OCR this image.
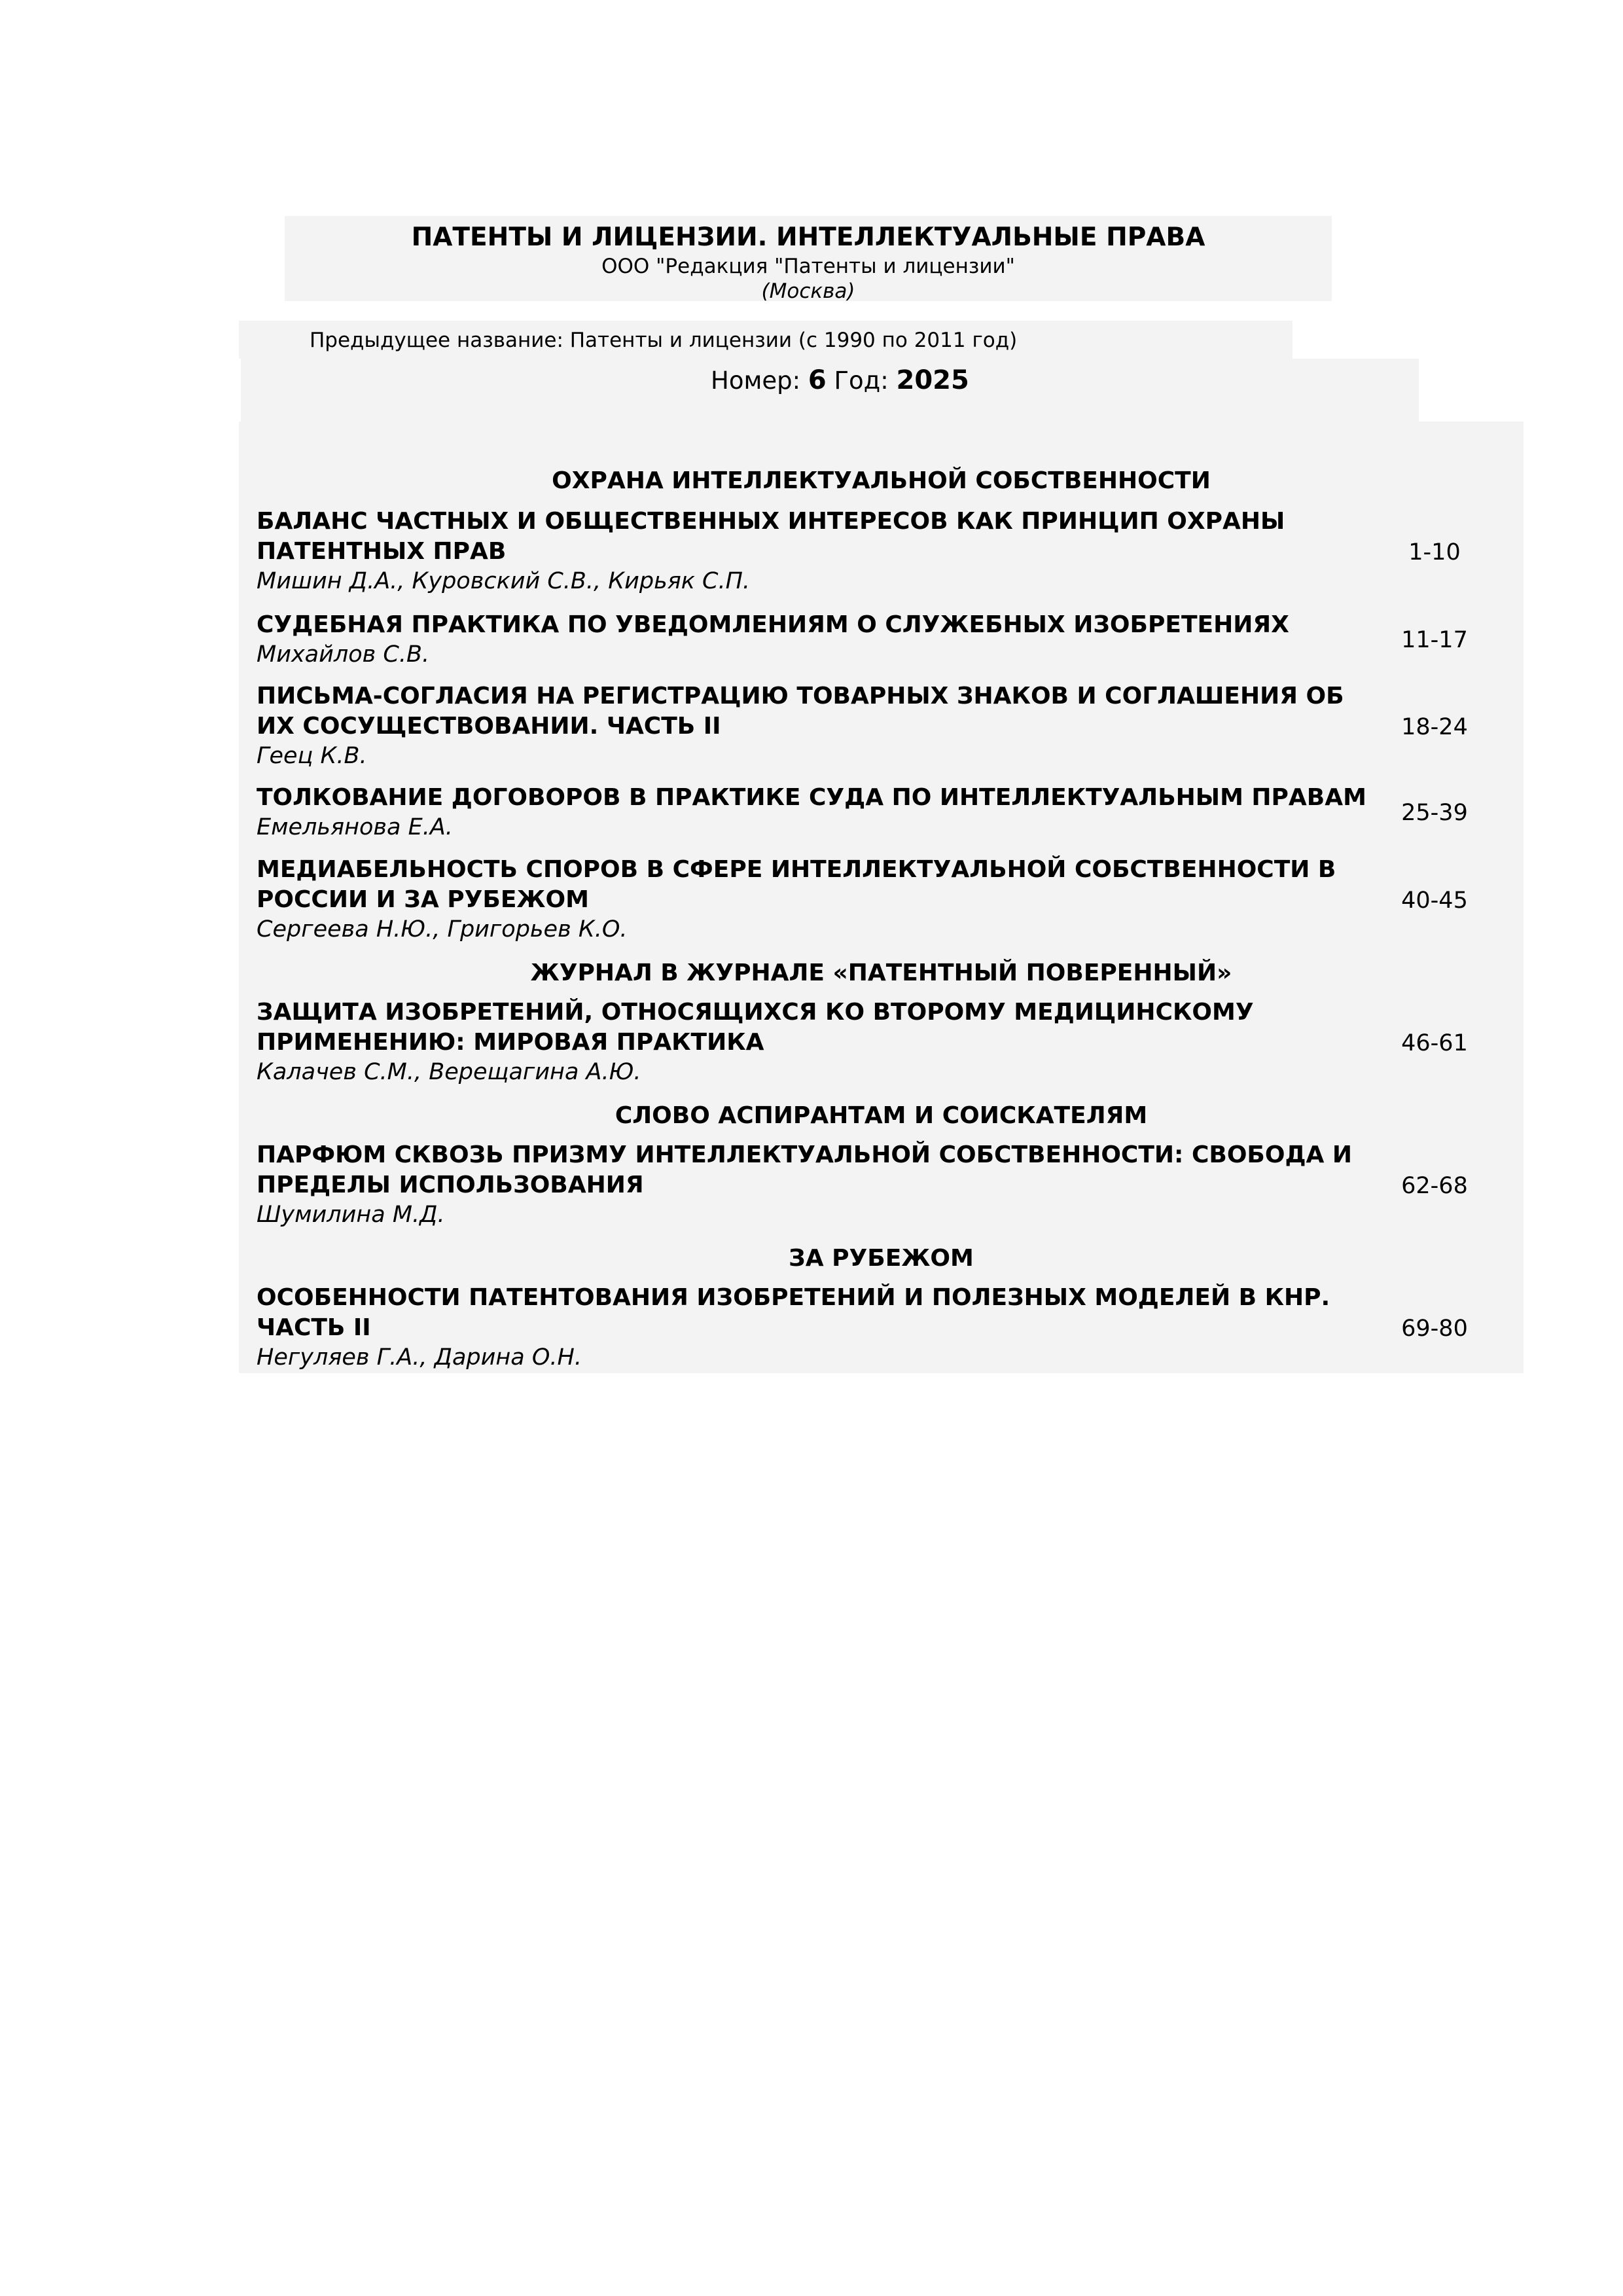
ПАТЕНТЫ И ЛИЦЕНЗИИ. ИНТЕЛЛЕКТУАЛЬНЫЕ ПРАВА
ООО "Редакция "Патенты и лицензии"
(Москва)
Предыдущее название: Патенты и лицензии (с 1990 по 2011 год)
Номер: 6 Год: 2025
ОХРАНА ИНТЕЛЛЕКТУАЛЬНОЙ СОБСТВЕННОСТИ
БАЛАНС ЧАСТНЫХ И ОБЩЕСТВЕННЫХ ИНТЕРЕСОВ КАК ПРИНЦИП ОХРАНЫ ПАТЕНТНЫХ ПРАВ
Мишин Д.А., Куровский С.В., Кирьяк С.П.
1-10
СУДЕБНАЯ ПРАКТИКА ПО УВЕДОМЛЕНИЯМ О СЛУЖЕБНЫХ ИЗОБРЕТЕНИЯХ
Михайлов С.В.
11-17
ПИСЬМА-СОГЛАСИЯ НА РЕГИСТРАЦИЮ ТОВАРНЫХ ЗНАКОВ И СОГЛАШЕНИЯ ОБ ИХ СОСУЩЕСТВОВАНИИ. ЧАСТЬ II
Геец К.В.
18-24
ТОЛКОВАНИЕ ДОГОВОРОВ В ПРАКТИКЕ СУДА ПО ИНТЕЛЛЕКТУАЛЬНЫМ ПРАВАМ
Емельянова Е.А.
25-39
МЕДИАБЕЛЬНОСТЬ СПОРОВ В СФЕРЕ ИНТЕЛЛЕКТУАЛЬНОЙ СОБСТВЕННОСТИ В РОССИИ И ЗА РУБЕЖОМ
Сергеева Н.Ю., Григорьев К.О.
40-45
ЖУРНАЛ В ЖУРНАЛЕ «ПАТЕНТНЫЙ ПОВЕРЕННЫЙ»
ЗАЩИТА ИЗОБРЕТЕНИЙ, ОТНОСЯЩИХСЯ КО ВТОРОМУ МЕДИЦИНСКОМУ ПРИМЕНЕНИЮ: МИРОВАЯ ПРАКТИКА
Калачев С.М., Верещагина А.Ю.
46-61
СЛОВО АСПИРАНТАМ И СОИСКАТЕЛЯМ
ПАРФЮМ СКВОЗЬ ПРИЗМУ ИНТЕЛЛЕКТУАЛЬНОЙ СОБСТВЕННОСТИ: СВОБОДА И ПРЕДЕЛЫ ИСПОЛЬЗОВАНИЯ
Шумилина М.Д.
62-68
ЗА РУБЕЖОМ
ОСОБЕННОСТИ ПАТЕНТОВАНИЯ ИЗОБРЕТЕНИЙ И ПОЛЕЗНЫХ МОДЕЛЕЙ В КНР. ЧАСТЬ II
Негуляев Г.А., Дарина О.Н.
69-80
